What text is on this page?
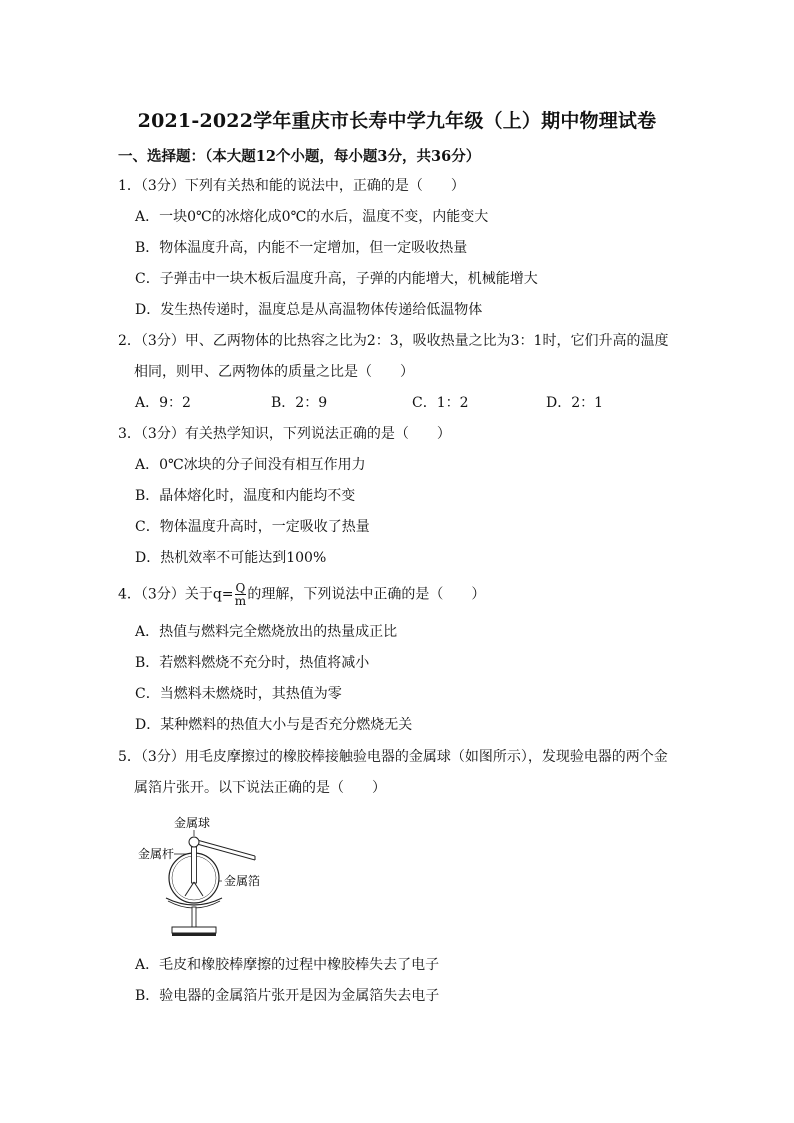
2021-2022学年重庆市长寿中学九年级（上）期中物理试卷
一、选择题：（本大题12个小题，每小题3分，共36分）
1．（3分）下列有关热和能的说法中，正确的是（　　）
A．一块0℃的冰熔化成0℃的水后，温度不变，内能变大
B．物体温度升高，内能不一定增加，但一定吸收热量
C．子弹击中一块木板后温度升高，子弹的内能增大，机械能增大
D．发生热传递时，温度总是从高温物体传递给低温物体
2．（3分）甲、乙两物体的比热容之比为2：3，吸收热量之比为3：1时，它们升高的温度
相同，则甲、乙两物体的质量之比是（　　）
A．9：2	B．2：9	C．1：2	D．2：1
3．（3分）有关热学知识，下列说法正确的是（　　）
A．0℃冰块的分子间没有相互作用力
B．晶体熔化时，温度和内能均不变
C．物体温度升高时，一定吸收了热量
D．热机效率不可能达到100%
4．（3分）关于$q= \frac{Q}{m}$ 的理解，下列说法中正确的是（　　）
A．热值与燃料完全燃烧放出的热量成正比
B．若燃料燃烧不充分时，热值将减小
C．当燃料未燃烧时，其热值为零
D．某种燃料的热值大小与是否充分燃烧无关
5．（3分）用毛皮摩擦过的橡胶棒接触验电器的金属球（如图所示），发现验电器的两个金
属箔片张开。以下说法正确的是（　　）
金属球
金属杆
金属箔
A．毛皮和橡胶棒摩擦的过程中橡胶棒失去了电子
B．验电器的金属箔片张开是因为金属箔失去电子
